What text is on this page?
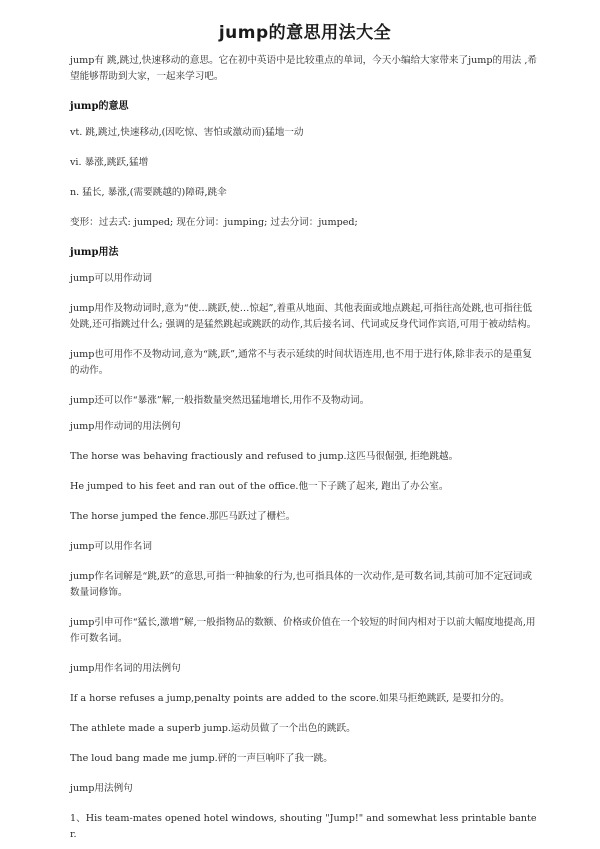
jump的意思用法大全

jump有 跳,跳过,快速移动的意思。它在初中英语中是比较重点的单词，今天小编给大家带来了jump的用法 ,希望能够帮助到大家，一起来学习吧。

jump的意思

vt. 跳,跳过,快速移动,(因吃惊、害怕或激动而)猛地一动

vi. 暴涨,跳跃,猛增

n. 猛长, 暴涨,(需要跳越的)障碍,跳伞

变形：过去式: jumped; 现在分词：jumping; 过去分词：jumped;

jump用法

jump可以用作动词

jump用作及物动词时,意为“使…跳跃,使…惊起”,着重从地面、其他表面或地点跳起,可指往高处跳,也可指往低处跳,还可指跳过什么; 强调的是猛然跳起或跳跃的动作,其后接名词、代词或反身代词作宾语,可用于被动结构。

jump也可用作不及物动词,意为“跳,跃”,通常不与表示延续的时间状语连用,也不用于进行体,除非表示的是重复的动作。

jump还可以作“暴涨”解,一般指数量突然迅猛地增长,用作不及物动词。

jump用作动词的用法例句

The horse was behaving fractiously and refused to jump.这匹马很倔强, 拒绝跳越。

He jumped to his feet and ran out of the office.他一下子跳了起来, 跑出了办公室。

The horse jumped the fence.那匹马跃过了栅栏。

jump可以用作名词

jump作名词解是“跳,跃”的意思,可指一种抽象的行为,也可指具体的一次动作,是可数名词,其前可加不定冠词或数量词修饰。

jump引申可作“猛长,激增”解,一般指物品的数额、价格或价值在一个较短的时间内相对于以前大幅度地提高,用作可数名词。

jump用作名词的用法例句

If a horse refuses a jump,penalty points are added to the score.如果马拒绝跳跃, 是要扣分的。

The athlete made a superb jump.运动员做了一个出色的跳跃。

The loud bang made me jump.砰的一声巨响吓了我一跳。

jump用法例句

1、His team-mates opened hotel windows, shouting "Jump!" and somewhat less printable banter.
